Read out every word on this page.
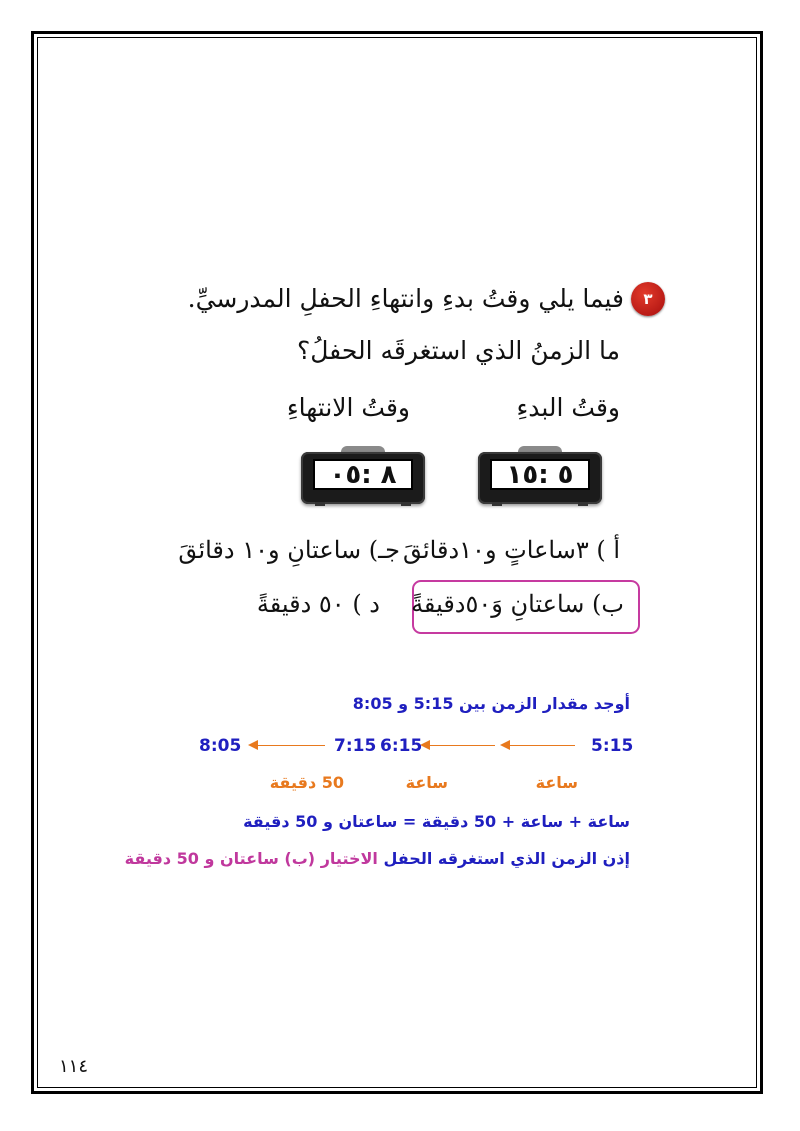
٣
فيما يلي وقتُ بدءِ وانتهاءِ الحفلِ المدرسيِّ.
ما الزمنُ الذي استغرقَه الحفلُ؟
وقتُ البدءِ
وقتُ الانتهاءِ
٥ :١٥
٨ :٠٥
أ ) ٣ساعاتٍ و١٠دقائقَ
جـ) ساعتانِ و١٠ دقائقَ
ب) ساعتانِ وَ٥٠دقيقةً
د ) ٥٠ دقيقةً
أوجد مقدار الزمن بين 5:15 و 8:05
5:15
6:15
7:15
8:05
ساعة
ساعة
50 دقيقة
ساعة + ساعة + 50 دقيقة = ساعتان و 50 دقيقة
إذن الزمن الذي استغرقه الحفل الاختيار (ب) ساعتان و 50 دقيقة
١١٤
